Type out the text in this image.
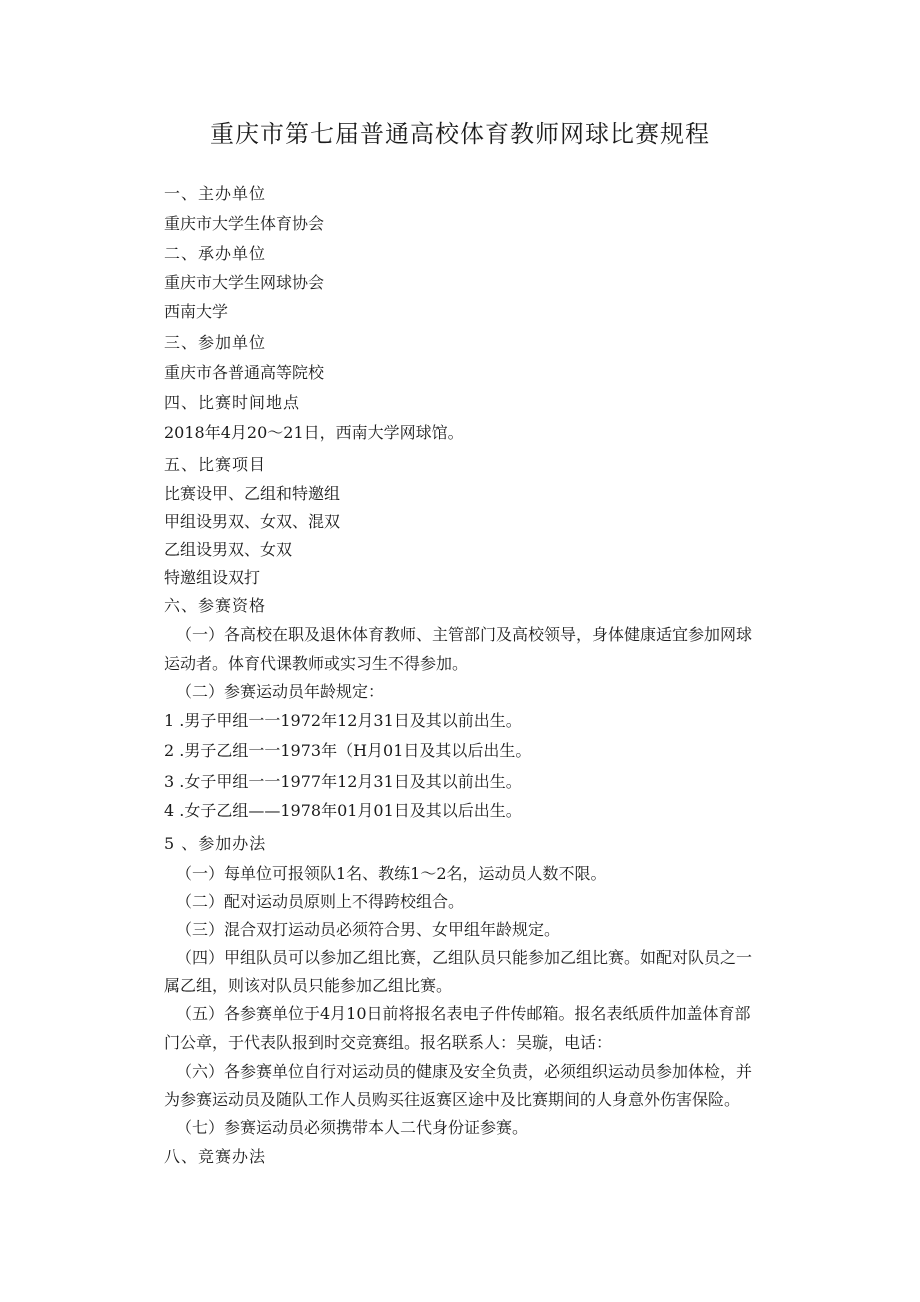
重庆市第七届普通高校体育教师网球比赛规程
一、主办单位
重庆市大学生体育协会
二、承办单位
重庆市大学生网球协会
西南大学
三、参加单位
重庆市各普通高等院校
四、比赛时间地点
2018年4月20～21日，西南大学网球馆。
五、比赛项目
比赛设甲、乙组和特邀组
甲组设男双、女双、混双
乙组设男双、女双
特邀组设双打
六、参赛资格
（一）各高校在职及退休体育教师、主管部门及高校领导，身体健康适宜参加网球
运动者。体育代课教师或实习生不得参加。
（二）参赛运动员年龄规定：
1 .男子甲组一一1972年12月31日及其以前出生。
2 .男子乙组一一1973年（H月01日及其以后出生。
3 .女子甲组一一1977年12月31日及其以前出生。
4 .女子乙组——1978年01月01日及其以后出生。
5 、参加办法
（一）每单位可报领队1名、教练1～2名，运动员人数不限。
（二）配对运动员原则上不得跨校组合。
（三）混合双打运动员必须符合男、女甲组年龄规定。
（四）甲组队员可以参加乙组比赛，乙组队员只能参加乙组比赛。如配对队员之一
属乙组，则该对队员只能参加乙组比赛。
（五）各参赛单位于4月10日前将报名表电子件传邮箱。报名表纸质件加盖体育部
门公章，于代表队报到时交竞赛组。报名联系人：吴璇，电话：
（六）各参赛单位自行对运动员的健康及安全负责，必须组织运动员参加体检，并
为参赛运动员及随队工作人员购买往返赛区途中及比赛期间的人身意外伤害保险。
（七）参赛运动员必须携带本人二代身份证参赛。
八、竞赛办法
